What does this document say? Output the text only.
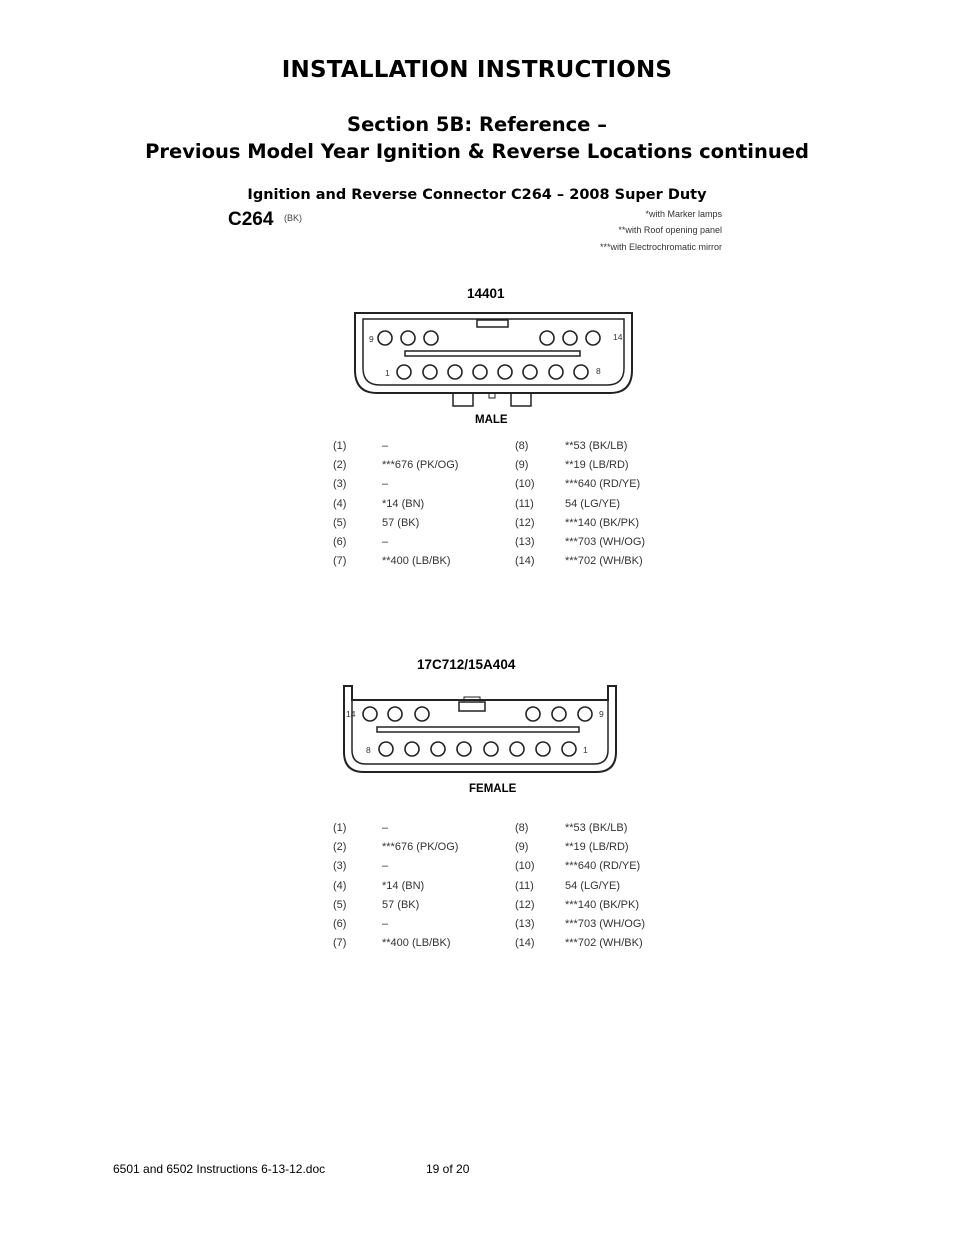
INSTALLATION INSTRUCTIONS
Section 5B: Reference –
Previous Model Year Ignition & Reverse Locations continued
Ignition and Reverse Connector C264 – 2008 Super Duty
C264 (BK)	*with Marker lamps
**with Roof opening panel
***with Electrochromatic mirror
14401
9	14
1	8
MALE
(1)	–	(8)	**53 (BK/LB)
(2)	***676 (PK/OG)	(9)	**19 (LB/RD)
(3)	–	(10)	***640 (RD/YE)
(4)	*14 (BN)	(11)	54 (LG/YE)
(5)	57 (BK)	(12)	***140 (BK/PK)
(6)	–	(13)	***703 (WH/OG)
(7)	**400 (LB/BK)	(14)	***702 (WH/BK)
17C712/15A404
14	9
8	1
FEMALE
(1)	–	(8)	**53 (BK/LB)
(2)	***676 (PK/OG)	(9)	**19 (LB/RD)
(3)	–	(10)	***640 (RD/YE)
(4)	*14 (BN)	(11)	54 (LG/YE)
(5)	57 (BK)	(12)	***140 (BK/PK)
(6)	–	(13)	***703 (WH/OG)
(7)	**400 (LB/BK)	(14)	***702 (WH/BK)
6501 and 6502 Instructions 6-13-12.doc	19 of 20
